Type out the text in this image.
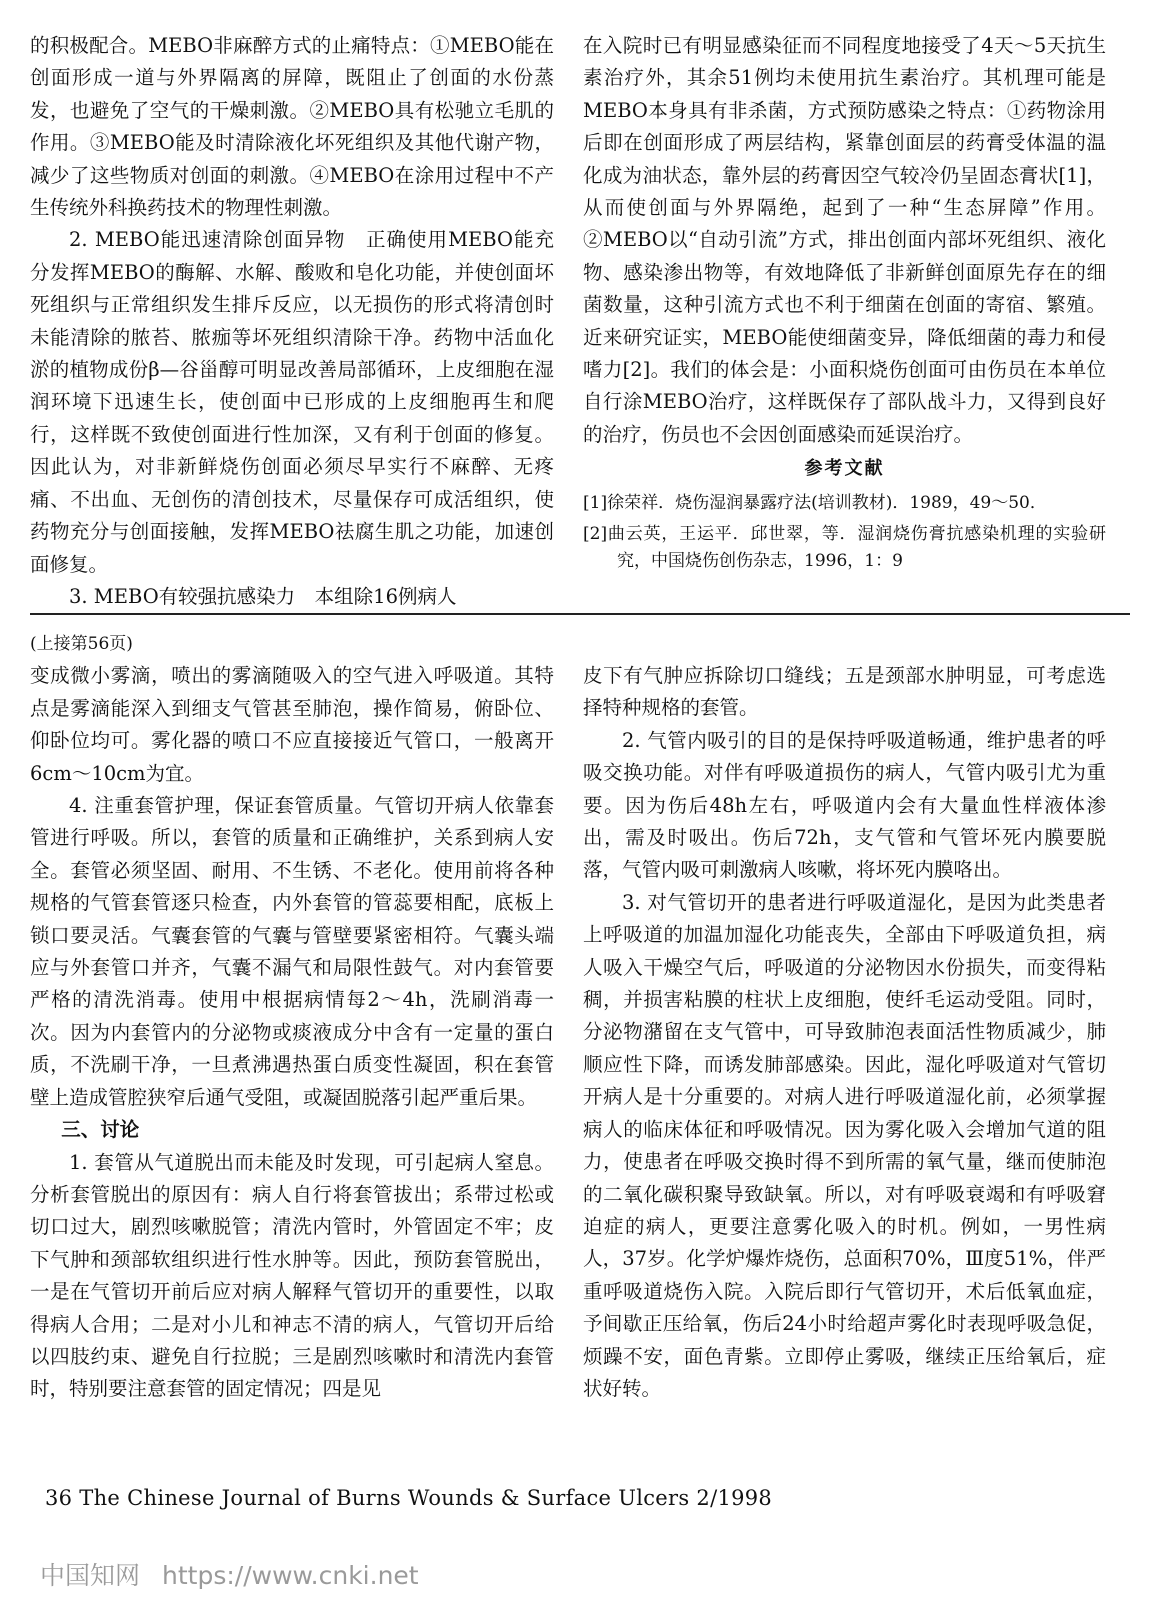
的积极配合。MEBO非麻醉方式的止痛特点：①MEBO能在创面形成一道与外界隔离的屏障，既阻止了创面的水份蒸发，也避免了空气的干燥刺激。②MEBO具有松驰立毛肌的作用。③MEBO能及时清除液化坏死组织及其他代谢产物，减少了这些物质对创面的刺激。④MEBO在涂用过程中不产生传统外科换药技术的物理性刺激。

2. MEBO能迅速清除创面异物　正确使用MEBO能充分发挥MEBO的酶解、水解、酸败和皂化功能，并使创面坏死组织与正常组织发生排斥反应，以无损伤的形式将清创时未能清除的脓苔、脓痂等坏死组织清除干净。药物中活血化淤的植物成份β—谷甾醇可明显改善局部循环，上皮细胞在湿润环境下迅速生长，使创面中已形成的上皮细胞再生和爬行，这样既不致使创面进行性加深，又有利于创面的修复。因此认为，对非新鲜烧伤创面必须尽早实行不麻醉、无疼痛、不出血、无创伤的清创技术，尽量保存可成活组织，使药物充分与创面接触，发挥MEBO祛腐生肌之功能，加速创面修复。

3. MEBO有较强抗感染力　本组除16例病人

在入院时已有明显感染征而不同程度地接受了4天～5天抗生素治疗外，其余51例均未使用抗生素治疗。其机理可能是MEBO本身具有非杀菌，方式预防感染之特点：①药物涂用后即在创面形成了两层结构，紧靠创面层的药膏受体温的温化成为油状态，靠外层的药膏因空气较冷仍呈固态膏状[1]，从而使创面与外界隔绝，起到了一种“生态屏障”作用。②MEBO以“自动引流”方式，排出创面内部坏死组织、液化物、感染渗出物等，有效地降低了非新鲜创面原先存在的细菌数量，这种引流方式也不利于细菌在创面的寄宿、繁殖。近来研究证实，MEBO能使细菌变异，降低细菌的毒力和侵嗜力[2]。我们的体会是：小面积烧伤创面可由伤员在本单位自行涂MEBO治疗，这样既保存了部队战斗力，又得到良好的治疗，伤员也不会因创面感染而延误治疗。

参考文献

[1]徐荣祥．烧伤湿润暴露疗法(培训教材)．1989，49～50．

[2]曲云英，王运平．邱世翠，等．湿润烧伤膏抗感染机理的实验研究，中国烧伤创伤杂志，1996，1：9

(上接第56页)

变成微小雾滴，喷出的雾滴随吸入的空气进入呼吸道。其特点是雾滴能深入到细支气管甚至肺泡，操作简易，俯卧位、仰卧位均可。雾化器的喷口不应直接接近气管口，一般离开6cm～10cm为宜。

4. 注重套管护理，保证套管质量。气管切开病人依靠套管进行呼吸。所以，套管的质量和正确维护，关系到病人安全。套管必须坚固、耐用、不生锈、不老化。使用前将各种规格的气管套管逐只检查，内外套管的管蕊要相配，底板上锁口要灵活。气囊套管的气囊与管壁要紧密相符。气囊头端应与外套管口并齐，气囊不漏气和局限性鼓气。对内套管要严格的清洗消毒。使用中根据病情每2～4h，洗刷消毒一次。因为内套管内的分泌物或痰液成分中含有一定量的蛋白质，不洗刷干净，一旦煮沸遇热蛋白质变性凝固，积在套管壁上造成管腔狭窄后通气受阻，或凝固脱落引起严重后果。

三、讨论

1. 套管从气道脱出而未能及时发现，可引起病人窒息。分析套管脱出的原因有：病人自行将套管拔出；系带过松或切口过大，剧烈咳嗽脱管；清洗内管时，外管固定不牢；皮下气肿和颈部软组织进行性水肿等。因此，预防套管脱出，一是在气管切开前后应对病人解释气管切开的重要性，以取得病人合用；二是对小儿和神志不清的病人，气管切开后给以四肢约束、避免自行拉脱；三是剧烈咳嗽时和清洗内套管时，特别要注意套管的固定情况；四是见

皮下有气肿应拆除切口缝线；五是颈部水肿明显，可考虑选择特种规格的套管。

2. 气管内吸引的目的是保持呼吸道畅通，维护患者的呼吸交换功能。对伴有呼吸道损伤的病人，气管内吸引尤为重要。因为伤后48h左右，呼吸道内会有大量血性样液体渗出，需及时吸出。伤后72h，支气管和气管坏死内膜要脱落，气管内吸可刺激病人咳嗽，将坏死内膜咯出。

3. 对气管切开的患者进行呼吸道湿化，是因为此类患者上呼吸道的加温加湿化功能丧失，全部由下呼吸道负担，病人吸入干燥空气后，呼吸道的分泌物因水份损失，而变得粘稠，并损害粘膜的柱状上皮细胞，使纤毛运动受阻。同时，分泌物潴留在支气管中，可导致肺泡表面活性物质减少，肺顺应性下降，而诱发肺部感染。因此，湿化呼吸道对气管切开病人是十分重要的。对病人进行呼吸道湿化前，必须掌握病人的临床体征和呼吸情况。因为雾化吸入会增加气道的阻力，使患者在呼吸交换时得不到所需的氧气量，继而使肺泡的二氧化碳积聚导致缺氧。所以，对有呼吸衰竭和有呼吸窘迫症的病人，更要注意雾化吸入的时机。例如，一男性病人，37岁。化学炉爆炸烧伤，总面积70%，Ⅲ度51%，伴严重呼吸道烧伤入院。入院后即行气管切开，术后低氧血症，予间歇正压给氧，伤后24小时给超声雾化时表现呼吸急促，烦躁不安，面色青紫。立即停止雾吸，继续正压给氧后，症状好转。

36 The Chinese Journal of Burns Wounds & Surface Ulcers 2/1998
中国知网 https://www.cnki.net
